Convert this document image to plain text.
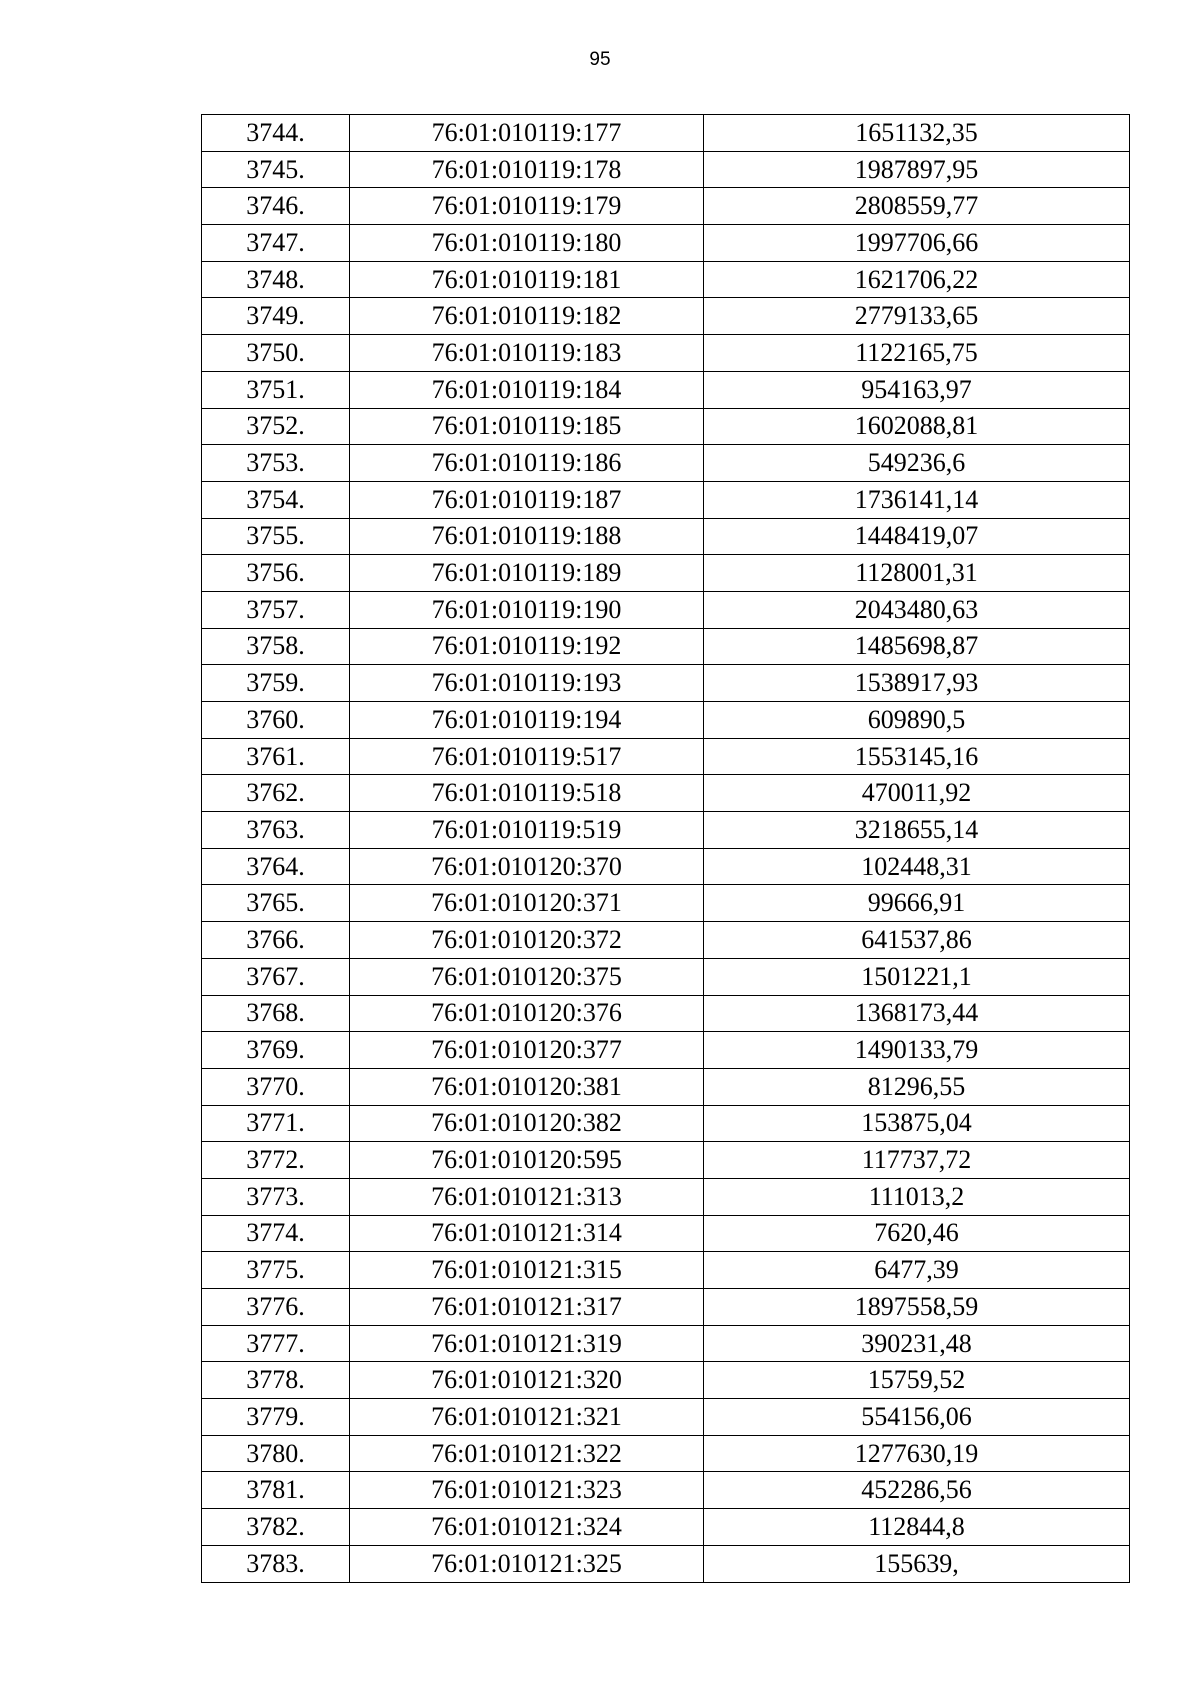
95
3744.	76:01:010119:177	1651132,35
3745.	76:01:010119:178	1987897,95
3746.	76:01:010119:179	2808559,77
3747.	76:01:010119:180	1997706,66
3748.	76:01:010119:181	1621706,22
3749.	76:01:010119:182	2779133,65
3750.	76:01:010119:183	1122165,75
3751.	76:01:010119:184	954163,97
3752.	76:01:010119:185	1602088,81
3753.	76:01:010119:186	549236,6
3754.	76:01:010119:187	1736141,14
3755.	76:01:010119:188	1448419,07
3756.	76:01:010119:189	1128001,31
3757.	76:01:010119:190	2043480,63
3758.	76:01:010119:192	1485698,87
3759.	76:01:010119:193	1538917,93
3760.	76:01:010119:194	609890,5
3761.	76:01:010119:517	1553145,16
3762.	76:01:010119:518	470011,92
3763.	76:01:010119:519	3218655,14
3764.	76:01:010120:370	102448,31
3765.	76:01:010120:371	99666,91
3766.	76:01:010120:372	641537,86
3767.	76:01:010120:375	1501221,1
3768.	76:01:010120:376	1368173,44
3769.	76:01:010120:377	1490133,79
3770.	76:01:010120:381	81296,55
3771.	76:01:010120:382	153875,04
3772.	76:01:010120:595	117737,72
3773.	76:01:010121:313	111013,2
3774.	76:01:010121:314	7620,46
3775.	76:01:010121:315	6477,39
3776.	76:01:010121:317	1897558,59
3777.	76:01:010121:319	390231,48
3778.	76:01:010121:320	15759,52
3779.	76:01:010121:321	554156,06
3780.	76:01:010121:322	1277630,19
3781.	76:01:010121:323	452286,56
3782.	76:01:010121:324	112844,8
3783.	76:01:010121:325	155639,
